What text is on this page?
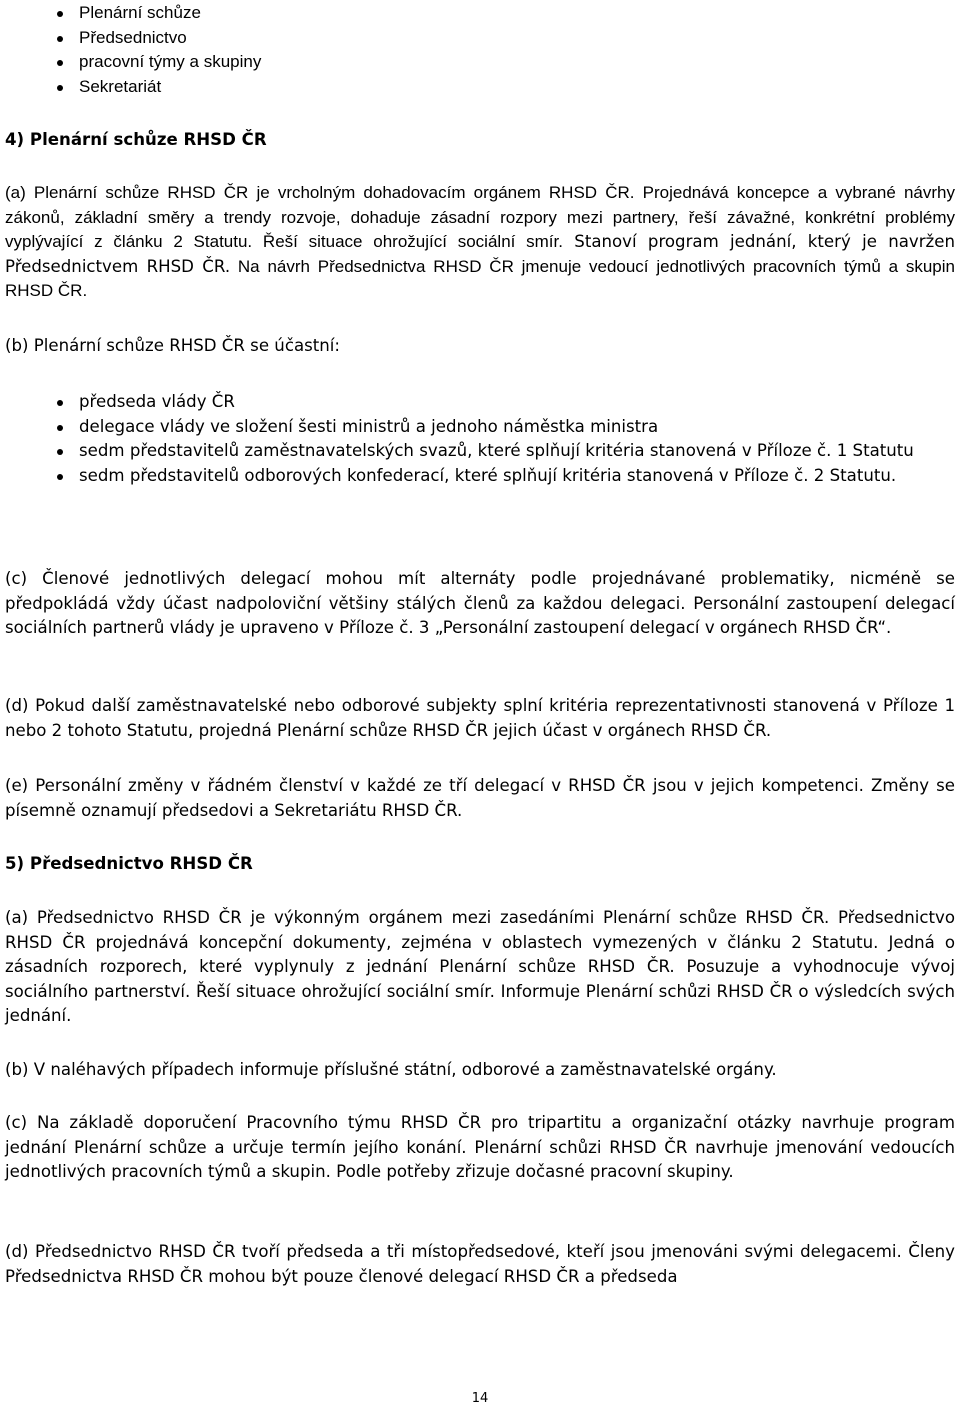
Plenární schůze
Předsednictvo
pracovní týmy a skupiny
Sekretariát

4) Plenární schůze RHSD ČR

(a) Plenární schůze RHSD ČR je vrcholným dohadovacím orgánem RHSD ČR. Projednává koncepce a vybrané návrhy zákonů, základní směry a trendy rozvoje, dohaduje zásadní rozpory mezi partnery, řeší závažné, konkrétní problémy vyplývající z článku 2 Statutu. Řeší situace ohrožující sociální smír. Stanoví program jednání, který je navržen Předsednictvem RHSD ČR. Na návrh Předsednictva RHSD ČR jmenuje vedoucí jednotlivých pracovních týmů a skupin RHSD ČR.

(b) Plenární schůze RHSD ČR se účastní:

předseda vlády ČR
delegace vlády ve složení šesti ministrů a jednoho náměstka ministra
sedm představitelů zaměstnavatelských svazů, které splňují kritéria stanovená v Příloze č. 1 Statutu
sedm představitelů odborových konfederací, které splňují kritéria stanovená v Příloze č. 2 Statutu.

(c) Členové jednotlivých delegací mohou mít alternáty podle projednávané problematiky, nicméně se předpokládá vždy účast nadpoloviční většiny stálých členů za každou delegaci. Personální zastoupení delegací sociálních partnerů vlády je upraveno v Příloze č. 3 „Personální zastoupení delegací v orgánech RHSD ČR“.

(d) Pokud další zaměstnavatelské nebo odborové subjekty splní kritéria reprezentativnosti stanovená v Příloze 1 nebo 2 tohoto Statutu, projedná Plenární schůze RHSD ČR jejich účast v orgánech RHSD ČR.

(e) Personální změny v řádném členství v každé ze tří delegací v RHSD ČR jsou v jejich kompetenci. Změny se písemně oznamují předsedovi a Sekretariátu RHSD ČR.

5) Předsednictvo RHSD ČR

(a) Předsednictvo RHSD ČR je výkonným orgánem mezi zasedáními Plenární schůze RHSD ČR. Předsednictvo RHSD ČR projednává koncepční dokumenty, zejména v oblastech vymezených v článku 2 Statutu. Jedná o zásadních rozporech, které vyplynuly z jednání Plenární schůze RHSD ČR. Posuzuje a vyhodnocuje vývoj sociálního partnerství. Řeší situace ohrožující sociální smír. Informuje Plenární schůzi RHSD ČR o výsledcích svých jednání.

(b) V naléhavých případech informuje příslušné státní, odborové a zaměstnavatelské orgány.

(c) Na základě doporučení Pracovního týmu RHSD ČR pro tripartitu a organizační otázky navrhuje program jednání Plenární schůze a určuje termín jejího konání. Plenární schůzi RHSD ČR navrhuje jmenování vedoucích jednotlivých pracovních týmů a skupin. Podle potřeby zřizuje dočasné pracovní skupiny.

(d) Předsednictvo RHSD ČR tvoří předseda a tři místopředsedové, kteří jsou jmenováni svými delegacemi. Členy Předsednictva RHSD ČR mohou být pouze členové delegací RHSD ČR a předseda

14
